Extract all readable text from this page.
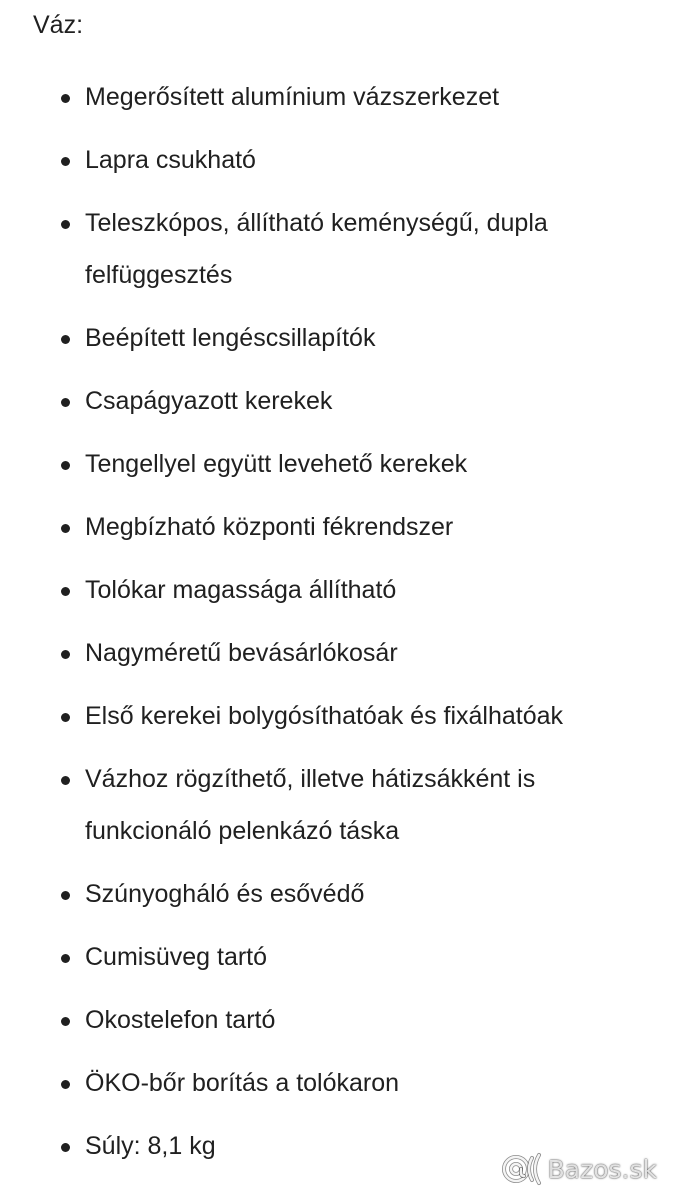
Váz:
Megerősített alumínium vázszerkezet
Lapra csukható
Teleszkópos, állítható keménységű, dupla felfüggesztés
Beépített lengéscsillapítók
Csapágyazott kerekek
Tengellyel együtt levehető kerekek
Megbízható központi fékrendszer
Tolókar magassága állítható
Nagyméretű bevásárlókosár
Első kerekei bolygósíthatóak és fixálhatóak
Vázhoz rögzíthető, illetve hátizsákként is funkcionáló pelenkázó táska
Szúnyogháló és esővédő
Cumisüveg tartó
Okostelefon tartó
ÖKO-bőr borítás a tolókaron
Súly: 8,1 kg
Bazos.sk
